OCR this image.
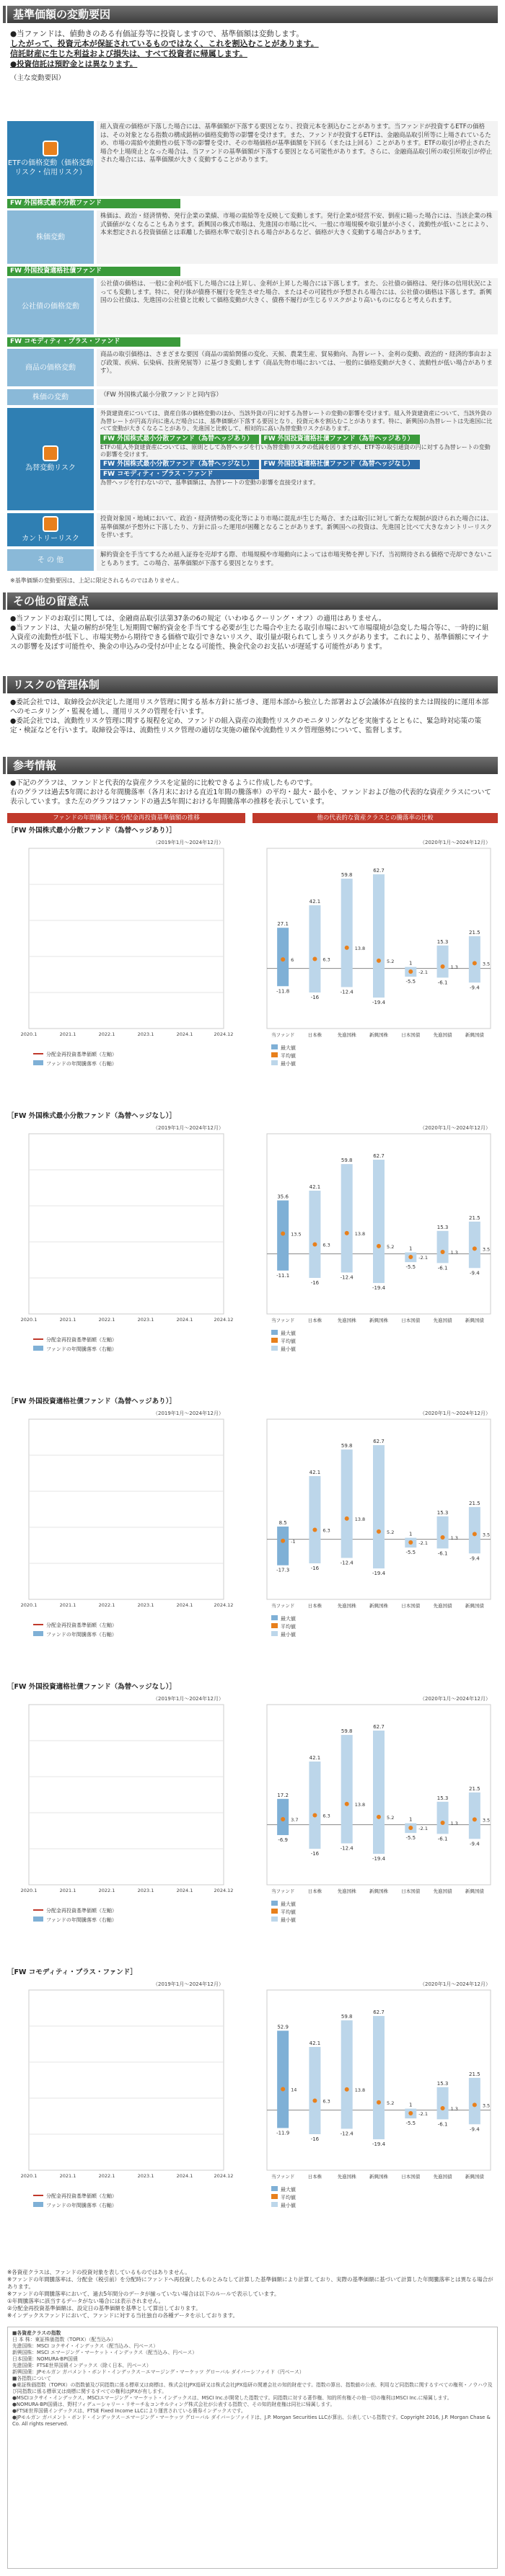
基準価額の変動要因
●当ファンドは、値動きのある有価証券等に投資しますので、基準価額は変動します。
したがって、投資元本が保証されているものではなく、これを割込むことがあります。
信託財産に生じた利益および損失は、すべて投資者に帰属します。
●投資信託は預貯金とは異なります。
（主な変動要因）
ETFの価格変動（価格変動リスク・信用リスク）
組入資産の価格が下落した場合には、基準価額が下落する要因となり、投資元本を割込むことがあります。当ファンドが投資するETFの価格は、その対象となる指数の構成銘柄の価格変動等の影響を受けます。また、ファンドが投資するETFは、金融商品取引所等に上場されているため、市場の需給や流動性の低下等の影響を受け、その市場価格が基準価額を下回る（または上回る）ことがあります。ETFの取引が停止された場合や上場廃止となった場合は、当ファンドの基準価額が下落する要因となる可能性があります。さらに、金融商品取引所の取引所取引が停止された場合には、基準価額が大きく変動することがあります。
FW 外国株式最小分散ファンド
株価変動
株価は、政治・経済情勢、発行企業の業績、市場の需給等を反映して変動します。発行企業が経営不安、倒産に陥った場合には、当該企業の株式価値がなくなることもあります。新興国の株式市場は、先進国の市場に比べ、一般に市場規模や取引量が小さく、流動性が低いことにより、本来想定される投資価値とは乖離した価格水準で取引される場合があるなど、価格が大きく変動する場合があります。
FW 外国投資適格社債ファンド
公社債の価格変動
公社債の価格は、一般に金利が低下した場合には上昇し、金利が上昇した場合には下落します。また、公社債の価格は、発行体の信用状況によっても変動します。特に、発行体が債務不履行を発生させた場合、またはその可能性が予想される場合には、公社債の価格は下落します。新興国の公社債は、先進国の公社債と比較して価格変動が大きく、債務不履行が生じるリスクがより高いものになると考えられます。
FW コモディティ・プラス・ファンド
商品の価格変動
商品の取引価格は、さまざまな要因（商品の需給関係の変化、天候、農業生産、貿易動向、為替レート、金利の変動、政治的・経済的事由および政策、疾病、伝染病、技術発展等）に基づき変動します（商品先物市場においては、一般的に価格変動が大きく、流動性が低い場合があります）。
株価の変動	（FW 外国株式最小分散ファンドと同内容）
為替変動リスク
外貨建資産については、資産自体の価格変動のほか、当該外貨の円に対する為替レートの変動の影響を受けます。組入外貨建資産について、当該外貨の為替レートが円高方向に進んだ場合には、基準価額が下落する要因となり、投資元本を割込むことがあります。特に、新興国の為替レートは先進国に比べて変動が大きくなることがあり、先進国と比較して、相対的に高い為替変動リスクがあります。
FW 外国株式最小分散ファンド（為替ヘッジあり） FW 外国投資適格社債ファンド（為替ヘッジあり）
ETFの組入外貨建資産については、原則として為替ヘッジを行い為替変動リスクの低減を図りますが、ETF等の取引通貨の円に対する為替レートの変動の影響を受けます。
FW 外国株式最小分散ファンド（為替ヘッジなし） FW 外国投資適格社債ファンド（為替ヘッジなし） FW コモディティ・プラス・ファンド
為替ヘッジを行わないので、基準価額は、為替レートの変動の影響を直接受けます。
カントリーリスク
投資対象国・地域において、政治・経済情勢の変化等により市場に混乱が生じた場合、または取引に対して新たな規制が設けられた場合には、基準価額が予想外に下落したり、方針に沿った運用が困難となることがあります。新興国への投資は、先進国と比べて大きなカントリーリスクを伴います。
そ の 他
解約資金を手当てするため組入証券を売却する際、市場規模や市場動向によっては市場実勢を押し下げ、当初期待される価格で売却できないこともあります。この場合、基準価額が下落する要因となります。
※基準価額の変動要因は、上記に限定されるものではありません。
その他の留意点
●当ファンドのお取引に関しては、金融商品取引法第37条の6の規定（いわゆるクーリング・オフ）の適用はありません。
●当ファンドは、大量の解約が発生し短期間で解約資金を手当てする必要が生じた場合や主たる取引市場において市場環境が急変した場合等に、一時的に組入資産の流動性が低下し、市場実勢から期待できる価格で取引できないリスク、取引量が限られてしまうリスクがあります。これにより、基準価額にマイナスの影響を及ぼす可能性や、換金の申込みの受付が中止となる可能性、換金代金のお支払いが遅延する可能性があります。
リスクの管理体制
●委託会社では、取締役会が決定した運用リスク管理に関する基本方針に基づき、運用本部から独立した部署および会議体が直接的または間接的に運用本部へのモニタリング・監視を通し、運用リスクの管理を行います。
●委託会社では、流動性リスク管理に関する規程を定め、ファンドの組入資産の流動性リスクのモニタリングなどを実施するとともに、緊急時対応策の策定・検証などを行います。取締役会等は、流動性リスク管理の適切な実施の確保や流動性リスク管理態勢について、監督します。
参考情報
●下記のグラフは、ファンドと代表的な資産クラスを定量的に比較できるように作成したものです。
右のグラフは過去5年間における年間騰落率（各月末における直近1年間の騰落率）の平均・最大・最小を、ファンドおよび他の代表的な資産クラスについて表示しています。また左のグラフはファンドの過去5年間における年間騰落率の推移を表示しています。
ファンドの年間騰落率と分配金再投資基準価額の推移	他の代表的な資産クラスとの騰落率の比較
［FW 外国株式最小分散ファンド（為替ヘッジあり）］
（2019年1月～2024年12月）
2020.1	2021.1	2022.1	2023.1	2024.1	2024.12
分配金再投資基準価額（左軸）
ファンドの年間騰落率（右軸）
（2020年1月～2024年12月）
27.1
6
-11.8
当ファンド
42.1
6.3
-16
日本株
59.8
13.8
-12.4
先進国株
62.7
5.2
-19.4
新興国株
1
-2.1
-5.5
日本国債
15.3
1.3
-6.1
先進国債
21.5
3.5
-9.4
新興国債
最大値
平均値
最小値
［FW 外国株式最小分散ファンド（為替ヘッジなし）］
（2019年1月～2024年12月）
2020.1	2021.1	2022.1	2023.1	2024.1	2024.12
分配金再投資基準価額（左軸）
ファンドの年間騰落率（右軸）
（2020年1月～2024年12月）
35.6
13.5
-11.1
当ファンド
42.1
6.3
-16
日本株
59.8
13.8
-12.4
先進国株
62.7
5.2
-19.4
新興国株
1
-2.1
-5.5
日本国債
15.3
1.3
-6.1
先進国債
21.5
3.5
-9.4
新興国債
最大値
平均値
最小値
［FW 外国投資適格社債ファンド（為替ヘッジあり）］
（2019年1月～2024年12月）
2020.1	2021.1	2022.1	2023.1	2024.1	2024.12
分配金再投資基準価額（左軸）
ファンドの年間騰落率（右軸）
（2020年1月～2024年12月）
8.5
-1
-17.3
当ファンド
42.1
6.3
-16
日本株
59.8
13.8
-12.4
先進国株
62.7
5.2
-19.4
新興国株
1
-2.1
-5.5
日本国債
15.3
1.3
-6.1
先進国債
21.5
3.5
-9.4
新興国債
最大値
平均値
最小値
［FW 外国投資適格社債ファンド（為替ヘッジなし）］
（2019年1月～2024年12月）
2020.1	2021.1	2022.1	2023.1	2024.1	2024.12
分配金再投資基準価額（左軸）
ファンドの年間騰落率（右軸）
（2020年1月～2024年12月）
17.2
3.7
-6.9
当ファンド
42.1
6.3
-16
日本株
59.8
13.8
-12.4
先進国株
62.7
5.2
-19.4
新興国株
1
-2.1
-5.5
日本国債
15.3
1.3
-6.1
先進国債
21.5
3.5
-9.4
新興国債
最大値
平均値
最小値
［FW コモディティ・プラス・ファンド］
（2019年1月～2024年12月）
2020.1	2021.1	2022.1	2023.1	2024.1	2024.12
分配金再投資基準価額（左軸）
ファンドの年間騰落率（右軸）
（2020年1月～2024年12月）
52.9
14
-11.9
当ファンド
42.1
6.3
-16
日本株
59.8
13.8
-12.4
先進国株
62.7
5.2
-19.4
新興国株
1
-2.1
-5.5
日本国債
15.3
1.3
-6.1
先進国債
21.5
3.5
-9.4
新興国債
最大値
平均値
最小値
※各資産クラスは、ファンドの投資対象を表しているものではありません。
※ファンドの年間騰落率は、分配金（税引前）を分配時にファンドへ再投資したものとみなして計算した基準価額により計算しており、実際の基準価額に基づいて計算した年間騰落率とは異なる場合があります。
※ファンドの年間騰落率において、過去5年間分のデータが揃っていない場合は以下のルールで表示しています。
①年間騰落率に該当するデータがない場合には表示されません。
②分配金再投資基準価額は、設定日の基準価額を基準として算出しております。
※インデックスファンドにおいて、ファンドに対する当社独自の各種データを示しております。
■各資産クラスの指数
日 本 株：東証株価指数（TOPIX）（配当込み）
先進国株：MSCI コクサイ・インデックス（配当込み、円ベース）
新興国株：MSCI エマージング・マーケット・インデックス（配当込み、円ベース）
日本国債：NOMURA-BPI国債
先進国債：FTSE世界国債インデックス（除く日本、円ベース）
新興国債：JPモルガン ガバメント・ボンド・インデックス－エマージング・マーケッツ グローバル ダイバーシファイド（円ベース）
■各指数について
●東証株価指数（TOPIX）の指数値及び同指数に係る標章又は商標は、株式会社JPX総研又は株式会社JPX総研の関連会社の知的財産です。指数の算出、指数値の公表、利用など同指数に関するすべての権利・ノウハウ及び同指数に係る標章又は商標に関するすべての権利はJPXが有します。
●MSCIコクサイ・インデックス、MSCIエマージング・マーケット・インデックスは、MSCI Inc.が開発した指数です。同指数に対する著作権、知的所有権その他一切の権利はMSCI Inc.に帰属します。
●NOMURA-BPI国債は、野村フィデューシャリー・リサーチ＆コンサルティング株式会社が公表する指数で、その知的財産権は同社に帰属します。
●FTSE世界国債インデックスは、FTSE Fixed Income LLCにより運営されている債券インデックスです。
●JPモルガン ガバメント・ボンド・インデックス－エマージング・マーケッツ グローバル ダイバーシファイドは、J.P. Morgan Securities LLCが算出、公表している指数です。Copyright 2016, J.P. Morgan Chase & Co. All rights reserved.
